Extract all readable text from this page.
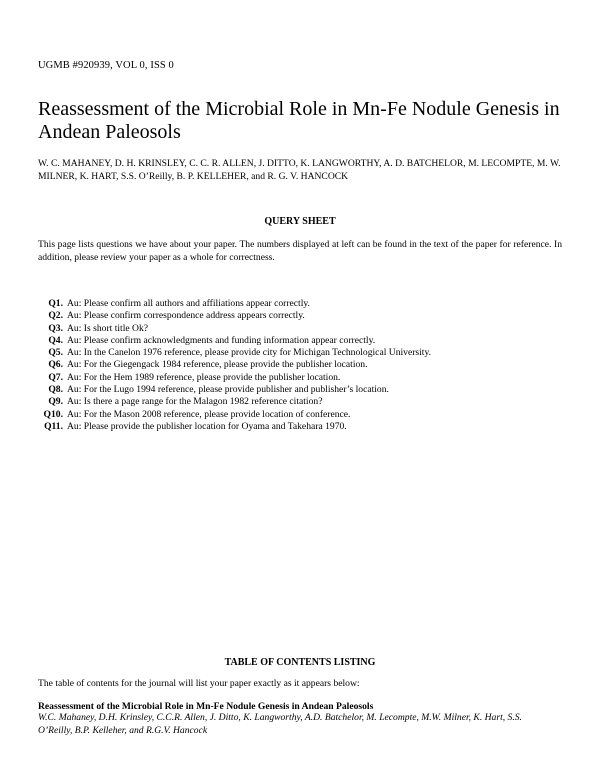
UGMB #920939, VOL 0, ISS 0
Reassessment of the Microbial Role in Mn-Fe Nodule Genesis in Andean Paleosols
W. C. MAHANEY, D. H. KRINSLEY, C. C. R. ALLEN, J. DITTO, K. LANGWORTHY, A. D. BATCHELOR, M. LECOMPTE, M. W. MILNER, K. HART, S.S. O’Reilly, B. P. KELLEHER, and R. G. V. HANCOCK
QUERY SHEET
This page lists questions we have about your paper. The numbers displayed at left can be found in the text of the paper for reference. In addition, please review your paper as a whole for correctness.
Q1. Au: Please confirm all authors and affiliations appear correctly.
Q2. Au: Please confirm correspondence address appears correctly.
Q3. Au: Is short title Ok?
Q4. Au: Please confirm acknowledgments and funding information appear correctly.
Q5. Au: In the Canelon 1976 reference, please provide city for Michigan Technological University.
Q6. Au: For the Giegengack 1984 reference, please provide the publisher location.
Q7. Au: For the Hem 1989 reference, please provide the publisher location.
Q8. Au: For the Lugo 1994 reference, please provide publisher and publisher’s location.
Q9. Au: Is there a page range for the Malagon 1982 reference citation?
Q10. Au: For the Mason 2008 reference, please provide location of conference.
Q11. Au: Please provide the publisher location for Oyama and Takehara 1970.
TABLE OF CONTENTS LISTING
The table of contents for the journal will list your paper exactly as it appears below:
Reassessment of the Microbial Role in Mn-Fe Nodule Genesis in Andean Paleosols
W.C. Mahaney, D.H. Krinsley, C.C.R. Allen, J. Ditto, K. Langworthy, A.D. Batchelor, M. Lecompte, M.W. Milner, K. Hart, S.S. O’Reilly, B.P. Kelleher, and R.G.V. Hancock
